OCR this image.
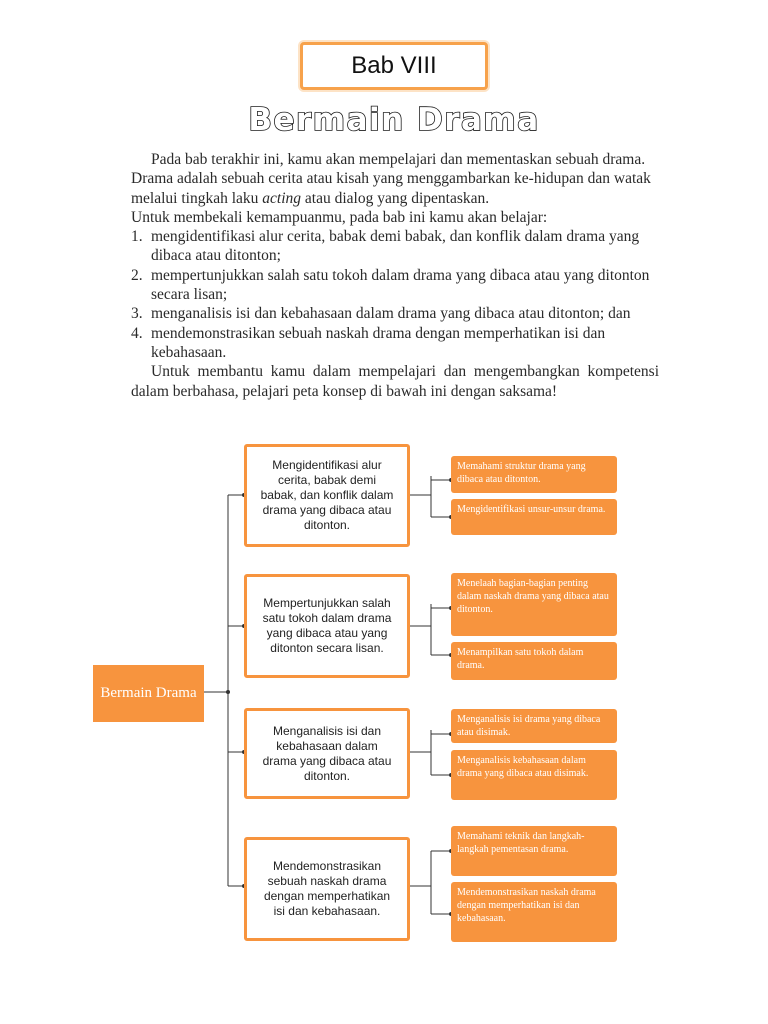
Bab VIII
Bermain Drama

Pada bab terakhir ini, kamu akan mempelajari dan mementaskan sebuah drama. Drama adalah sebuah cerita atau kisah yang menggambarkan ke-hidupan dan watak melalui tingkah laku acting atau dialog yang dipentaskan.

Untuk membekali kemampuanmu, pada bab ini kamu akan belajar:

1. mengidentifikasi alur cerita, babak demi babak, dan konflik dalam drama yang dibaca atau ditonton;
2. mempertunjukkan salah satu tokoh dalam drama yang dibaca atau yang ditonton secara lisan;
3. menganalisis isi dan kebahasaan dalam drama yang dibaca atau ditonton; dan
4. mendemonstrasikan sebuah naskah drama dengan memperhatikan isi dan kebahasaan.

Untuk membantu kamu dalam mempelajari dan mengembangkan kompetensi dalam berbahasa, pelajari peta konsep di bawah ini dengan saksama!

Bermain Drama
Mengidentifikasi alur cerita, babak demi babak, dan konflik dalam drama yang dibaca atau ditonton.
Mempertunjukkan salah satu tokoh dalam drama yang dibaca atau yang ditonton secara lisan.
Menganalisis isi dan kebahasaan dalam drama yang dibaca atau ditonton.
Mendemonstrasikan sebuah naskah drama dengan memperhatikan isi dan kebahasaan.
Memahami struktur drama yang dibaca atau ditonton.
Mengidentifikasi unsur-unsur drama.
Menelaah bagian-bagian penting dalam naskah drama yang dibaca atau ditonton.
Menampilkan satu tokoh dalam drama.
Menganalisis isi drama yang dibaca atau disimak.
Menganalisis kebahasaan dalam drama yang dibaca atau disimak.
Memahami teknik dan langkah-langkah pementasan drama.
Mendemonstrasikan naskah drama dengan memperhatikan isi dan kebahasaan.
